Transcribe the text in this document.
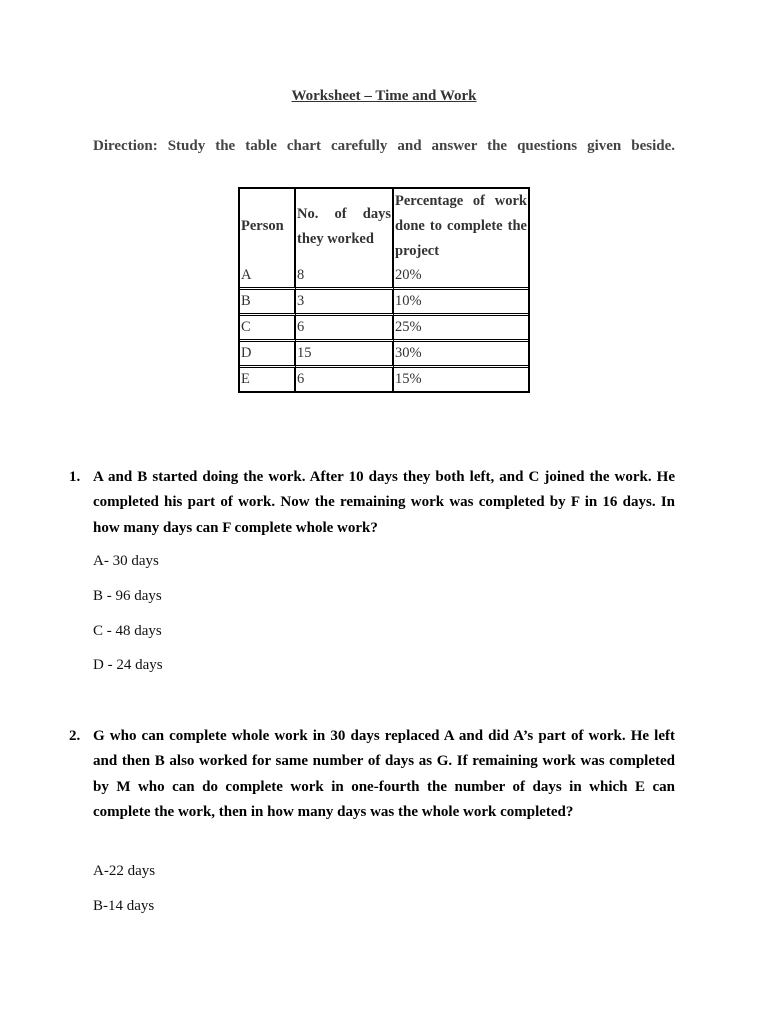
Worksheet – Time and Work
Direction: Study the table chart carefully and answer the questions given beside.
Person	No. of days they worked	Percentage of work done to complete the project
A	8	20%
B	3	10%
C	6	25%
D	15	30%
E	6	15%
1. A and B started doing the work. After 10 days they both left, and C joined the work. He completed his part of work. Now the remaining work was completed by F in 16 days. In how many days can F complete whole work?
A- 30 days
B - 96 days
C - 48 days
D - 24 days
2. G who can complete whole work in 30 days replaced A and did A’s part of work. He left and then B also worked for same number of days as G. If remaining work was completed by M who can do complete work in one-fourth the number of days in which E can complete the work, then in how many days was the whole work completed?
A-22 days
B-14 days
